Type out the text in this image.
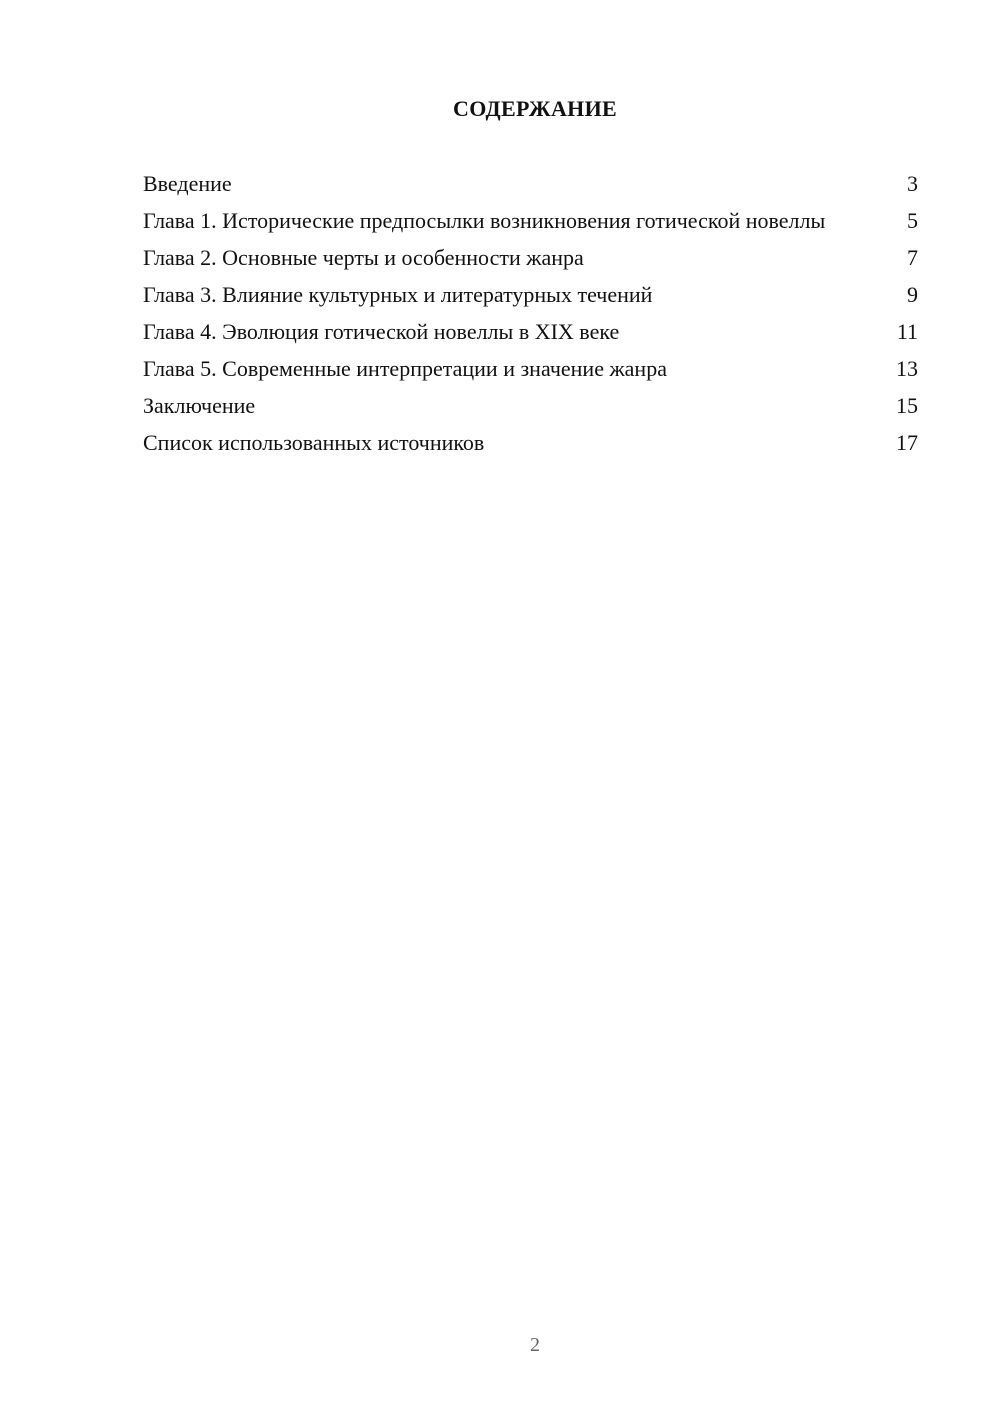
СОДЕРЖАНИЕ
Введение	3
Глава 1. Исторические предпосылки возникновения готической новеллы	5
Глава 2. Основные черты и особенности жанра	7
Глава 3. Влияние культурных и литературных течений	9
Глава 4. Эволюция готической новеллы в XIX веке	11
Глава 5. Современные интерпретации и значение жанра	13
Заключение	15
Список использованных источников	17
2
